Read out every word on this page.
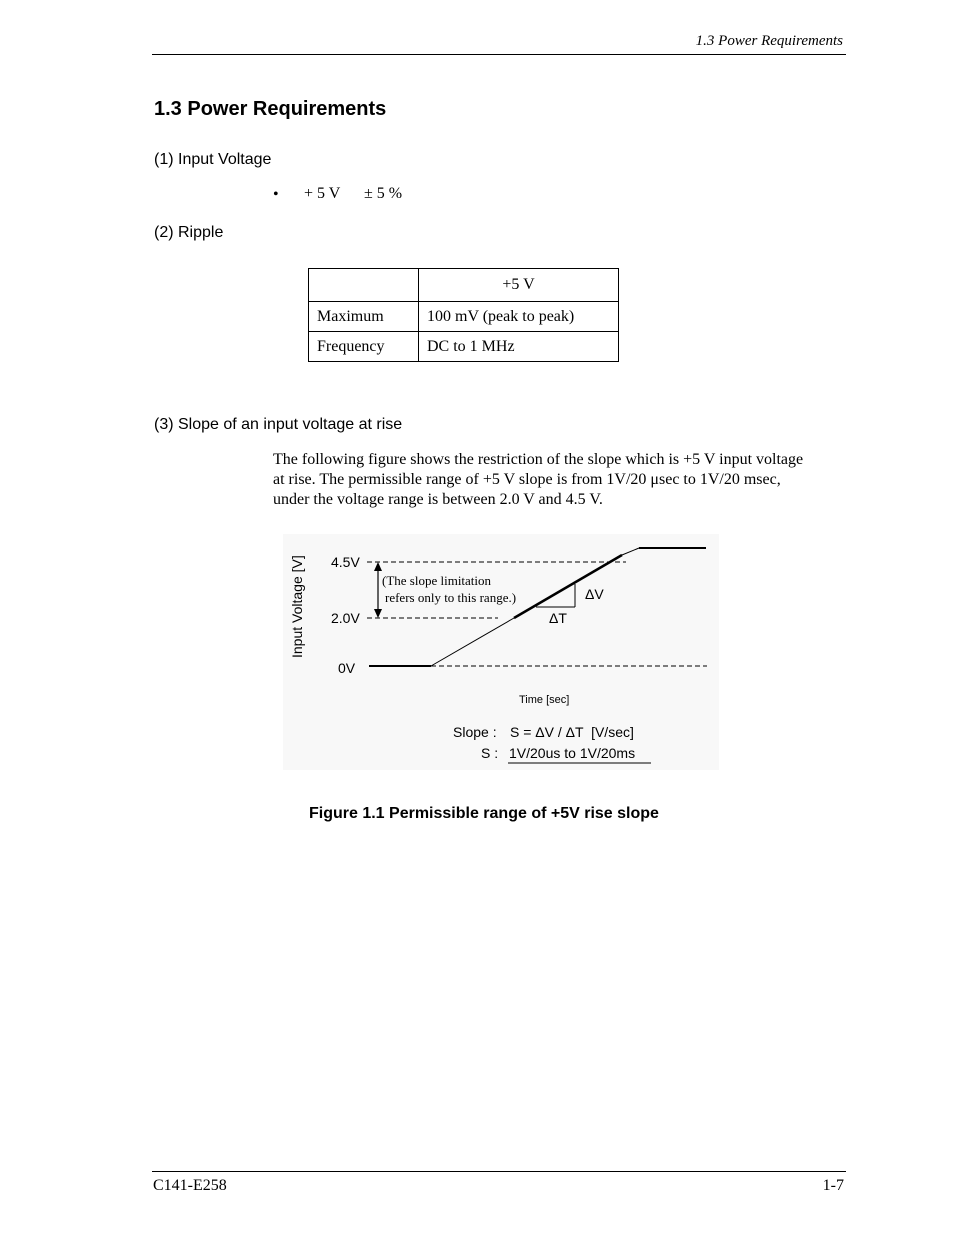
1.3 Power Requirements
1.3 Power Requirements
(1) Input Voltage
• + 5 V ± 5 %
(2) Ripple
	+5 V
Maximum	100 mV (peak to peak)
Frequency	DC to 1 MHz
(3) Slope of an input voltage at rise
The following figure shows the restriction of the slope which is +5 V input voltage
at rise. The permissible range of +5 V slope is from 1V/20 μsec to 1V/20 msec,
under the voltage range is between 2.0 V and 4.5 V.
Input Voltage [V] 4.5V
2.0V
0V
(The slope limitation
refers only to this range.)	ΔV
ΔT
Time [sec]
Slope : S = ΔV / ΔT  [V/sec]
S : 1V/20us to 1V/20ms
Figure 1.1 Permissible range of +5V rise slope
C141-E258	1-7
